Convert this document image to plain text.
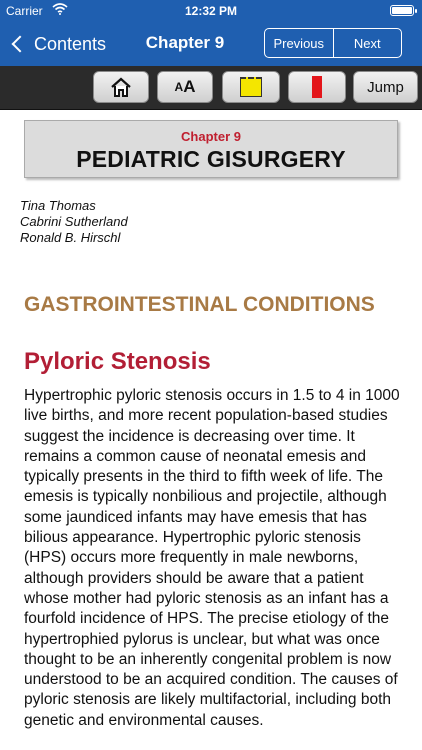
Carrier	12:32 PM
Contents	Chapter 9	Previous	Next
A A	Jump
Chapter 9
PEDIATRIC GISURGERY
Tina Thomas
Cabrini Sutherland
Ronald B. Hirschl
GASTROINTESTINAL CONDITIONS
Pyloric Stenosis
Hypertrophic pyloric stenosis occurs in 1.5 to 4 in 1000 live births, and more recent population-based studies suggest the incidence is decreasing over time. It remains a common cause of neonatal emesis and typically presents in the third to fifth week of life. The emesis is typically nonbilious and projectile, although some jaundiced infants may have emesis that has bilious appearance. Hypertrophic pyloric stenosis (HPS) occurs more frequently in male newborns, although providers should be aware that a patient whose mother had pyloric stenosis as an infant has a fourfold incidence of HPS. The precise etiology of the hypertrophied pylorus is unclear, but what was once thought to be an inherently congenital problem is now understood to be an acquired condition. The causes of pyloric stenosis are likely multifactorial, including both genetic and environmental causes.
